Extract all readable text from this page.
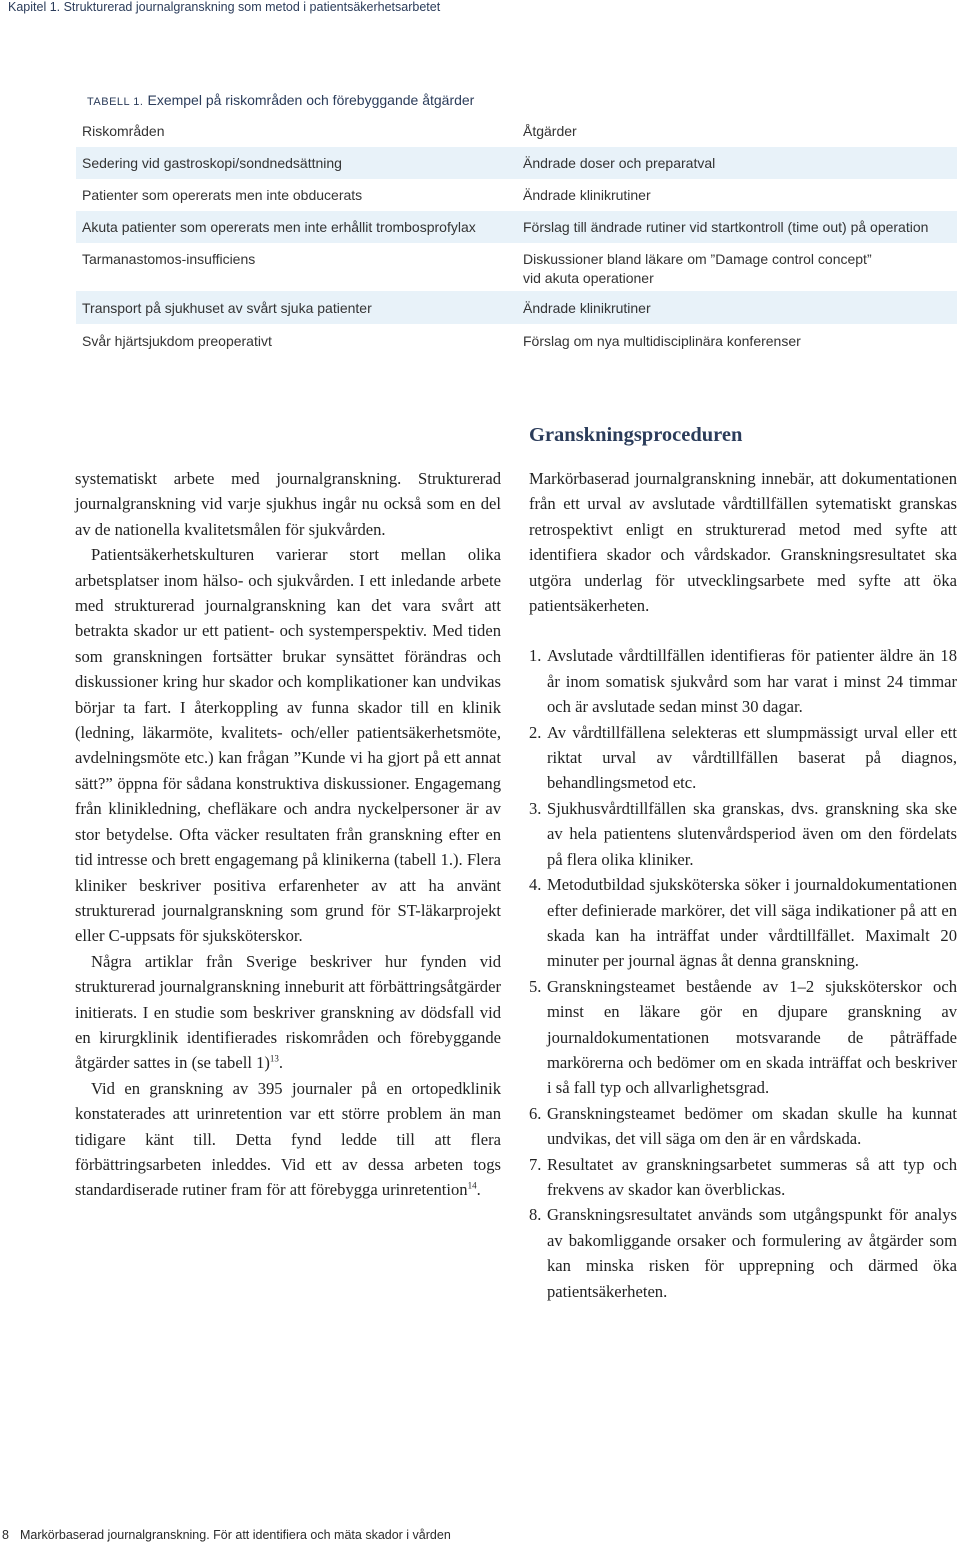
Kapitel 1. Strukturerad journalgranskning som metod i patientsäkerhetsarbetet
TABELL 1. Exempel på riskområden och förebyggande åtgärder
Riskområden	Åtgärder
Sedering vid gastroskopi/sondnedsättning	Ändrade doser och preparatval
Patienter som opererats men inte obducerats	Ändrade klinikrutiner
Akuta patienter som opererats men inte erhållit trombosprofylax	Förslag till ändrade rutiner vid startkontroll (time out) på operation
Tarmanastomos-insufficiens	Diskussioner bland läkare om ”Damage control concept”
vid akuta operationer
Transport på sjukhuset av svårt sjuka patienter	Ändrade klinikrutiner
Svår hjärtsjukdom preoperativt	Förslag om nya multidisciplinära konferenser
Granskningsproceduren

systematiskt arbete med journalgranskning. Strukturerad journalgranskning vid varje sjukhus ingår nu också som en del av de nationella kvalitetsmålen för sjukvården.

Patientsäkerhetskulturen varierar stort mellan olika arbetsplatser inom hälso- och sjukvården. I ett inledande arbete med strukturerad journalgranskning kan det vara svårt att betrakta skador ur ett patient- och systemperspektiv. Med tiden som granskningen fortsätter brukar synsättet förändras och diskussioner kring hur skador och komplikationer kan undvikas börjar ta fart. I återkoppling av funna skador till en klinik (ledning, läkarmöte, kvalitets- och/eller patientsäkerhetsmöte, avdelningsmöte etc.) kan frågan ”Kunde vi ha gjort på ett annat sätt?” öppna för sådana konstruktiva diskussioner. Engagemang från klinikledning, chefläkare och andra nyckelpersoner är av stor betydelse. Ofta väcker resultaten från granskning efter en tid intresse och brett engagemang på klinikerna (tabell 1.). Flera kliniker beskriver positiva erfarenheter av att ha använt strukturerad journalgranskning som grund för ST-läkarprojekt eller C-uppsats för sjuksköterskor.

Några artiklar från Sverige beskriver hur fynden vid strukturerad journalgranskning inneburit att förbättringsåtgärder initierats. I en studie som beskriver granskning av dödsfall vid en kirurgklinik identifierades riskområden och förebyggande åtgärder sattes in (se tabell 1)$^{13}$.

Vid en granskning av 395 journaler på en ortopedklinik konstaterades att urinretention var ett större problem än man tidigare känt till. Detta fynd ledde till att flera förbättringsarbeten inleddes. Vid ett av dessa arbeten togs standardiserade rutiner fram för att förebygga urinretention$^{14}$.

Markörbaserad journalgranskning innebär, att dokumentationen från ett urval av avslutade vårdtillfällen sytematiskt granskas retrospektivt enligt en strukturerad metod med syfte att identifiera skador och vårdskador. Granskningsresultatet ska utgöra underlag för utvecklingsarbete med syfte att öka patientsäkerheten.

1. Avslutade vårdtillfällen identifieras för patienter äldre än 18 år inom somatisk sjukvård som har varat i minst 24 timmar och är avslutade sedan minst 30 dagar.
2. Av vårdtillfällena selekteras ett slumpmässigt urval eller ett riktat urval av vårdtillfällen baserat på diagnos, behandlingsmetod etc.
3. Sjukhusvårdtillfällen ska granskas, dvs. granskning ska ske av hela patientens slutenvårdsperiod även om den fördelats på flera olika kliniker.
4. Metodutbildad sjuksköterska söker i journaldokumentationen efter definierade markörer, det vill säga indikationer på att en skada kan ha inträffat under vårdtillfället. Maximalt 20 minuter per journal ägnas åt denna granskning.
5. Granskningsteamet bestående av 1–2 sjuksköterskor och minst en läkare gör en djupare granskning av journaldokumentationen motsvarande de påträffade markörerna och bedömer om en skada inträffat och beskriver i så fall typ och allvarlighetsgrad.
6. Granskningsteamet bedömer om skadan skulle ha kunnat undvikas, det vill säga om den är en vårdskada.
7. Resultatet av granskningsarbetet summeras så att typ och frekvens av skador kan överblickas.
8. Granskningsresultatet används som utgångspunkt för analys av bakomliggande orsaker och formulering av åtgärder som kan minska risken för upprepning och därmed öka patientsäkerheten.
8 Markörbaserad journalgranskning. För att identifiera och mäta skador i vården
